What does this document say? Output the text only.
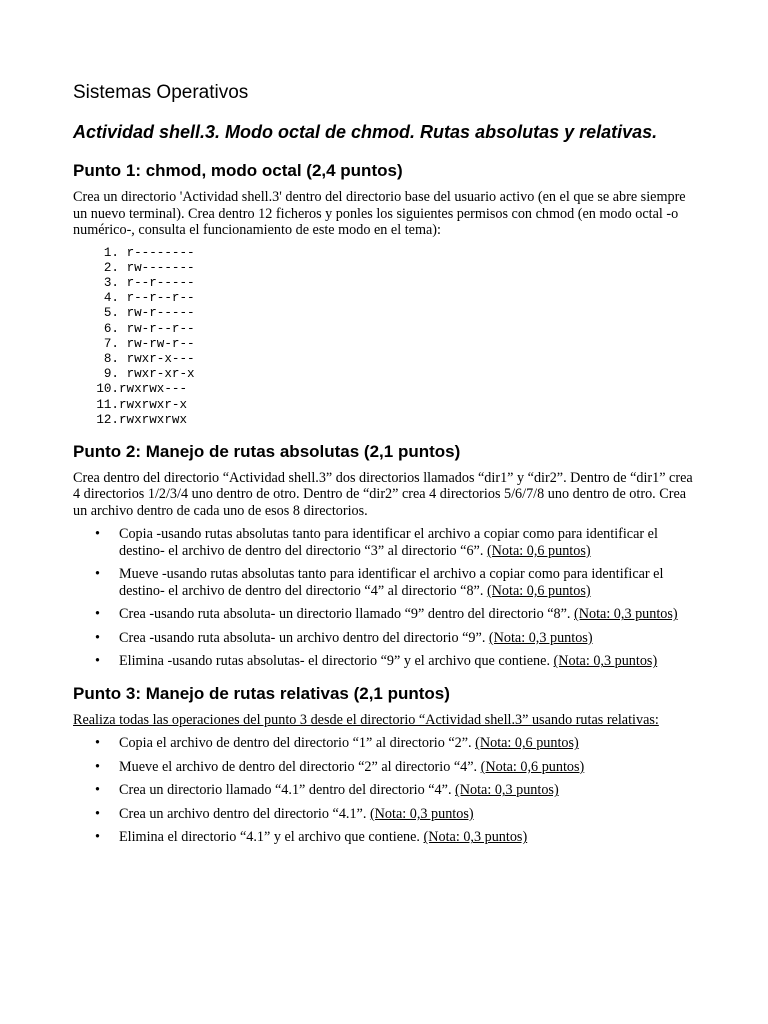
Sistemas Operativos
Actividad shell.3. Modo octal de chmod. Rutas absolutas y relativas.
Punto 1: chmod, modo octal (2,4 puntos)

Crea un directorio 'Actividad shell.3' dentro del directorio base del usuario activo (en el que se abre siempre un nuevo terminal). Crea dentro 12 ficheros y ponles los siguientes permisos con chmod (en modo octal -o numérico-, consulta el funcionamiento de este modo en el tema):

1.
r--------
2.
rw-------
3.
r--r-----
4.
r--r--r--
5.
rw-r-----
6.
rw-r--r--
7.
rw-rw-r--
8.
rwxr-x---
9.
rwxr-xr-x
10. rwxrwx---
11. rwxrwxr-x
12. rwxrwxrwx
Punto 2: Manejo de rutas absolutas (2,1 puntos)

Crea dentro del directorio “Actividad shell.3” dos directorios llamados “dir1” y “dir2”. Dentro de “dir1” crea 4 directorios 1/2/3/4 uno dentro de otro. Dentro de “dir2” crea 4 directorios 5/6/7/8 uno dentro de otro. Crea un archivo dentro de cada uno de esos 8 directorios.

•	Copia -usando rutas absolutas tanto para identificar el archivo a copiar como para identificar el destino- el archivo de dentro del directorio “3” al directorio “6”. (Nota: 0,6 puntos)
•	Mueve -usando rutas absolutas tanto para identificar el archivo a copiar como para identificar el destino- el archivo de dentro del directorio “4” al directorio “8”. (Nota: 0,6 puntos)
•	Crea -usando ruta absoluta- un directorio llamado “9” dentro del directorio “8”. (Nota: 0,3 puntos)
•	Crea -usando ruta absoluta- un archivo dentro del directorio “9”. (Nota: 0,3 puntos)
•	Elimina -usando rutas absolutas- el directorio “9” y el archivo que contiene. (Nota: 0,3 puntos)
Punto 3: Manejo de rutas relativas (2,1 puntos)

Realiza todas las operaciones del punto 3 desde el directorio “Actividad shell.3” usando rutas relativas:

•	Copia el archivo de dentro del directorio “1” al directorio “2”. (Nota: 0,6 puntos)
•	Mueve el archivo de dentro del directorio “2” al directorio “4”. (Nota: 0,6 puntos)
•	Crea un directorio llamado “4.1” dentro del directorio “4”. (Nota: 0,3 puntos)
•	Crea un archivo dentro del directorio “4.1”. (Nota: 0,3 puntos)
•	Elimina el directorio “4.1” y el archivo que contiene. (Nota: 0,3 puntos)
